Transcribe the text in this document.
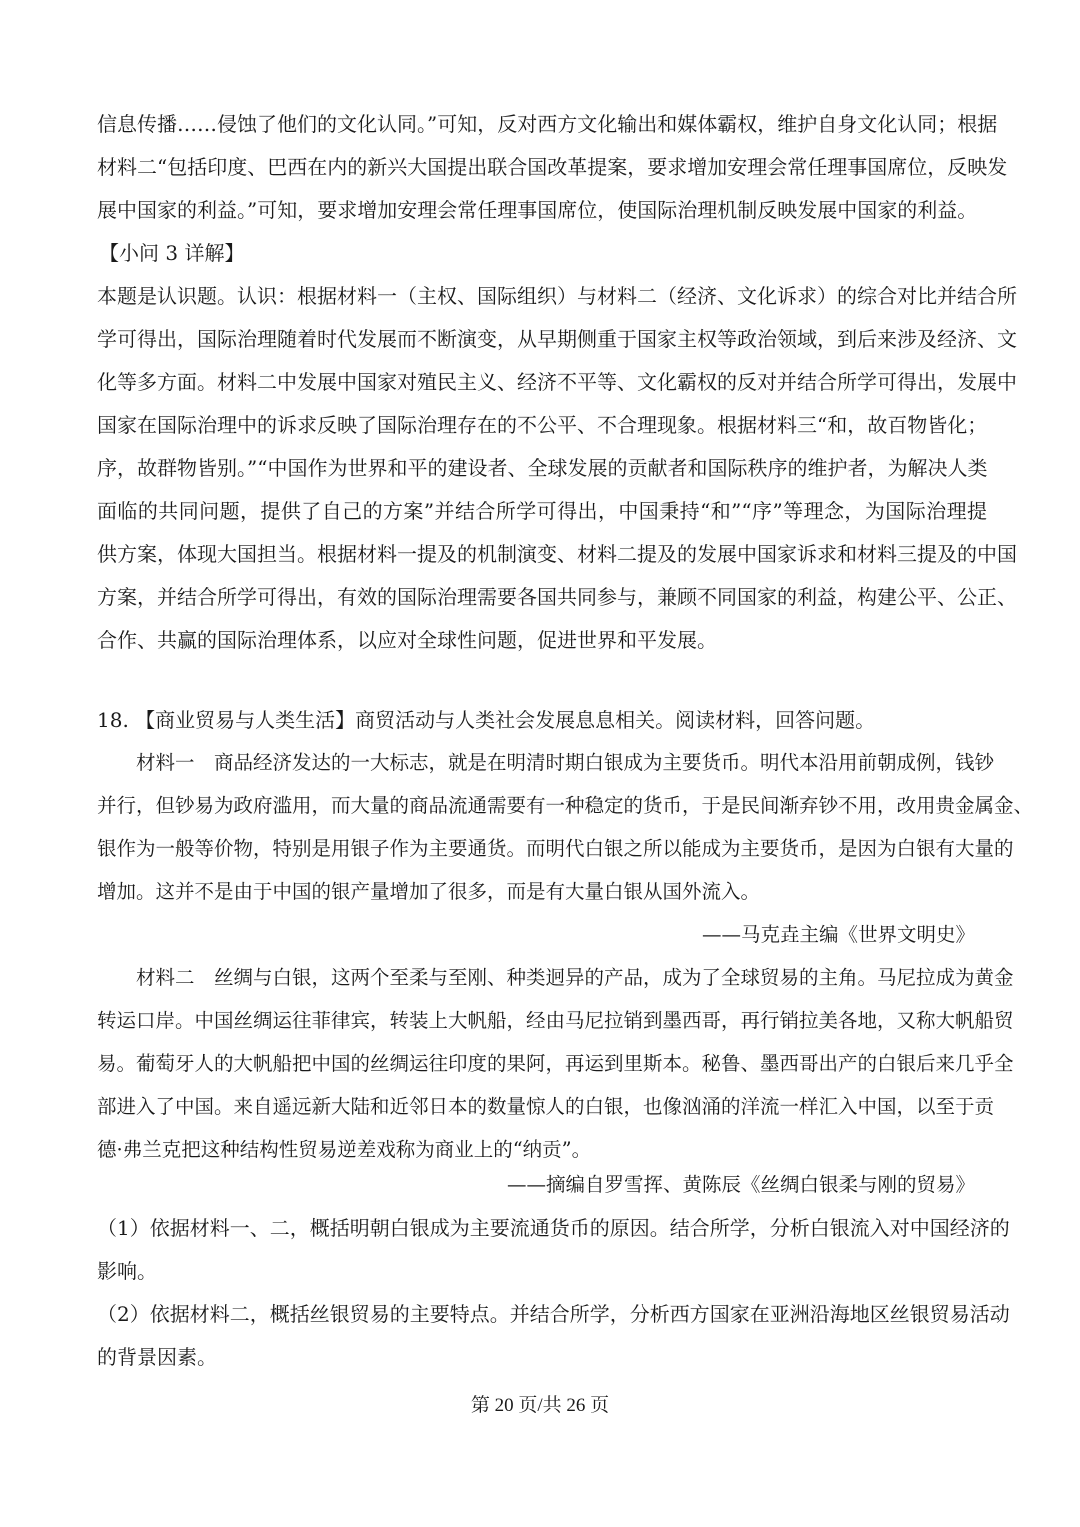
信息传播……侵蚀了他们的文化认同。”可知，反对西方文化输出和媒体霸权，维护自身文化认同；根据
材料二“包括印度、巴西在内的新兴大国提出联合国改革提案，要求增加安理会常任理事国席位，反映发
展中国家的利益。”可知，要求增加安理会常任理事国席位，使国际治理机制反映发展中国家的利益。
【小问 3 详解】
本题是认识题。认识：根据材料一（主权、国际组织）与材料二（经济、文化诉求）的综合对比并结合所
学可得出，国际治理随着时代发展而不断演变，从早期侧重于国家主权等政治领域，到后来涉及经济、文
化等多方面。材料二中发展中国家对殖民主义、经济不平等、文化霸权的反对并结合所学可得出，发展中
国家在国际治理中的诉求反映了国际治理存在的不公平、不合理现象。根据材料三“和，故百物皆化；
序，故群物皆别。”“中国作为世界和平的建设者、全球发展的贡献者和国际秩序的维护者，为解决人类
面临的共同问题，提供了自己的方案”并结合所学可得出，中国秉持“和”“序”等理念，为国际治理提
供方案，体现大国担当。根据材料一提及的机制演变、材料二提及的发展中国家诉求和材料三提及的中国
方案，并结合所学可得出，有效的国际治理需要各国共同参与，兼顾不同国家的利益，构建公平、公正、
合作、共赢的国际治理体系，以应对全球性问题，促进世界和平发展。
18. 【商业贸易与人类生活】商贸活动与人类社会发展息息相关。阅读材料，回答问题。
　　材料一　商品经济发达的一大标志，就是在明清时期白银成为主要货币。明代本沿用前朝成例，钱钞
并行，但钞易为政府滥用，而大量的商品流通需要有一种稳定的货币，于是民间渐弃钞不用，改用贵金属金、
银作为一般等价物，特别是用银子作为主要通货。而明代白银之所以能成为主要货币，是因为白银有大量的
增加。这并不是由于中国的银产量增加了很多，而是有大量白银从国外流入。
——马克垚主编《世界文明史》
　　材料二　丝绸与白银，这两个至柔与至刚、种类迥异的产品，成为了全球贸易的主角。马尼拉成为黄金
转运口岸。中国丝绸运往菲律宾，转装上大帆船，经由马尼拉销到墨西哥，再行销拉美各地，又称大帆船贸
易。葡萄牙人的大帆船把中国的丝绸运往印度的果阿，再运到里斯本。秘鲁、墨西哥出产的白银后来几乎全
部进入了中国。来自遥远新大陆和近邻日本的数量惊人的白银，也像汹涌的洋流一样汇入中国，以至于贡
德·弗兰克把这种结构性贸易逆差戏称为商业上的“纳贡”。
——摘编自罗雪挥、黄陈辰《丝绸白银柔与刚的贸易》
（1）依据材料一、二，概括明朝白银成为主要流通货币的原因。结合所学，分析白银流入对中国经济的
影响。
（2）依据材料二，概括丝银贸易的主要特点。并结合所学，分析西方国家在亚洲沿海地区丝银贸易活动
的背景因素。
第 20 页/共 26 页
